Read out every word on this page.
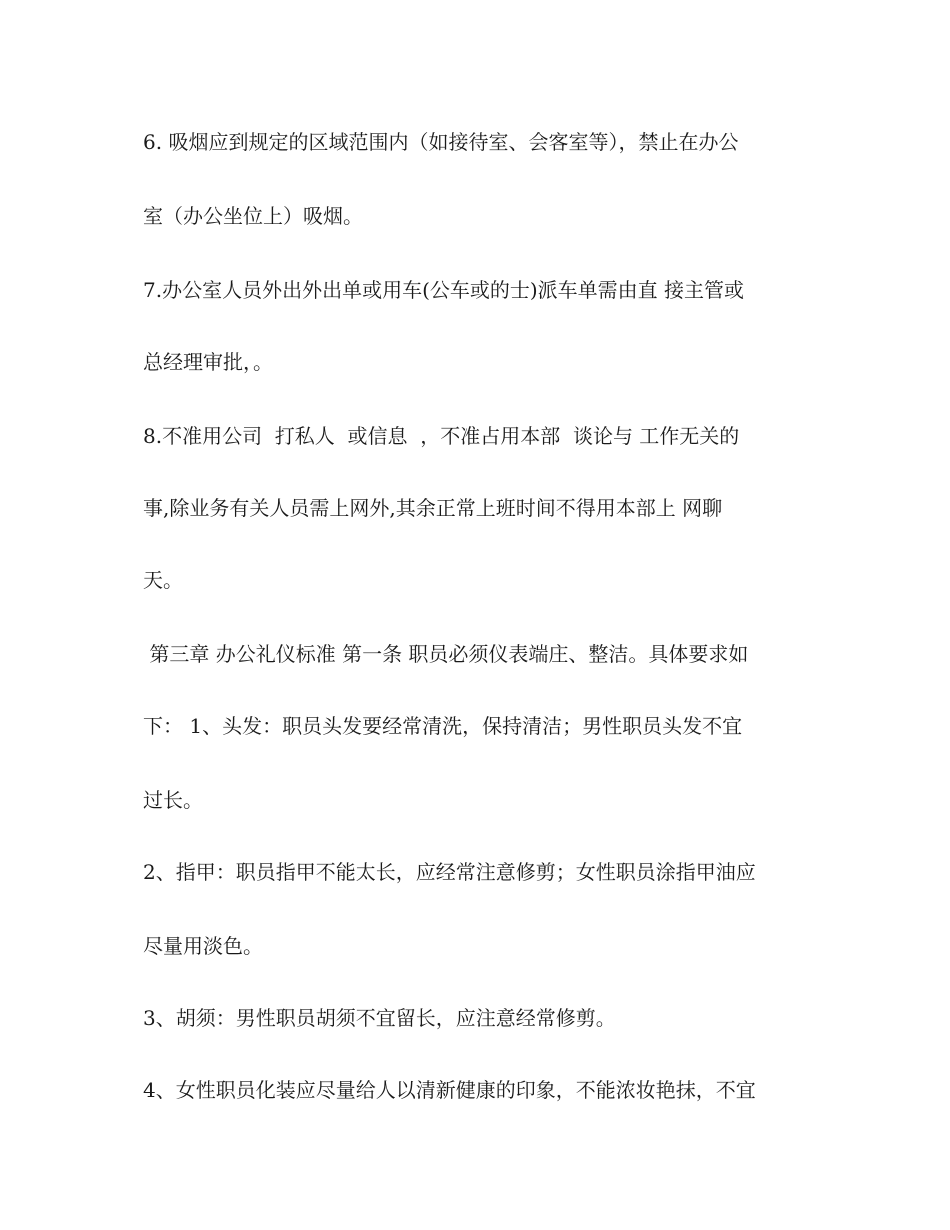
6. 吸烟应到规定的区域范围内（如接待室、会客室等），禁止在办公
室（办公坐位上）吸烟。
7.办公室人员外出外出单或用车(公车或的士)派车单需由直 接主管或
总经理审批，。
8.不准用公司  打私人  或信息  ，不准占用本部  谈论与 工作无关的
事,除业务有关人员需上网外,其余正常上班时间不得用本部上 网聊
天。
第三章 办公礼仪标准 第一条 职员必须仪表端庄、整洁。具体要求如
下： 1、头发：职员头发要经常清洗，保持清洁；男性职员头发不宜
过长。
2、指甲：职员指甲不能太长，应经常注意修剪；女性职员涂指甲油应
尽量用淡色。
3、胡须：男性职员胡须不宜留长，应注意经常修剪。
4、女性职员化装应尽量给人以清新健康的印象，不能浓妆艳抹，不宜
